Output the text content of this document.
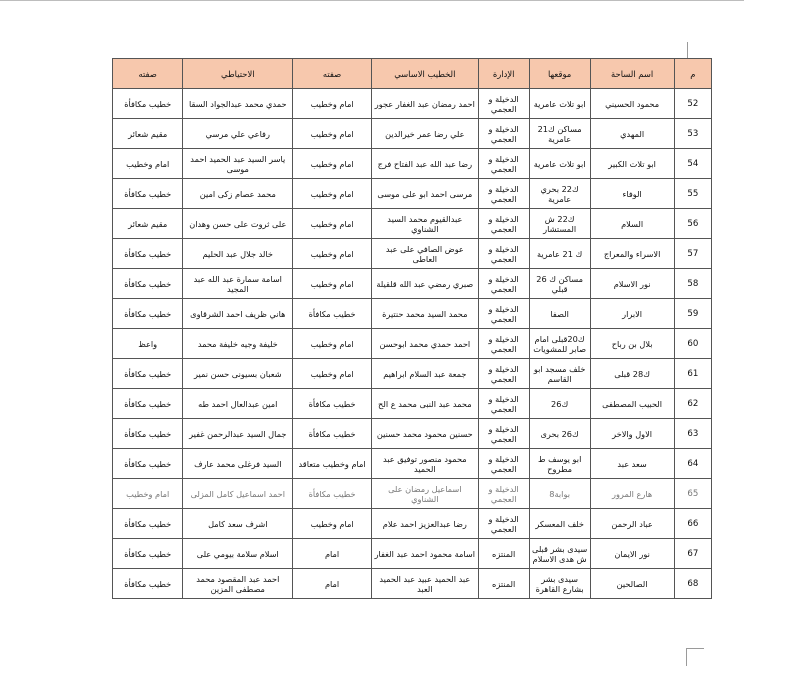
م	اسم الساحة	موقعها	الإدارة	الخطيب الاساسي	صفته	الاحتياطي	صفته
52	محمود الحسيني	ابو تلات عامرية	الدخيلة و العجمي	احمد رمضان عبد الغفار عجور	امام وخطيب	حمدي محمد عبدالجواد السقا	خطيب مكافأة
53	المهدي	مساكن ك21 عامرية	الدخيلة و العجمي	علي رضا عمر خيرالدين	امام وخطيب	رفاعي علي مرسي	مقيم شعائر
54	ابو تلات الكبير	ابو تلات عامرية	الدخيلة و العجمي	رضا عبد الله عبد الفتاح فرج	امام وخطيب	ياسر السيد عبد الحميد احمد موسى	امام وخطيب
55	الوفاء	ك22 بحري عامرية	الدخيلة و العجمي	مرسى احمد ابو على موسى	امام وخطيب	محمد عصام زكى امين	خطيب مكافأة
56	السلام	ك22 ش المستشار	الدخيلة و العجمي	عبدالقيوم محمد السيد الشناوي	امام وخطيب	على ثروت على حسن وهدان	مقيم شعائر
57	الاسراء والمعراج	ك 21 عامرية	الدخيلة و العجمي	عوض الصافي على عبد العاطى	امام وخطيب	خالد جلال عبد الحليم	خطيب مكافأة
58	نور الاسلام	مساكن ك 26 قبلي	الدخيلة و العجمي	صبري رمضي عبد الله قلقيلة	امام وخطيب	اسامة سمارة عبد الله عبد المجيد	خطيب مكافأة
59	الابرار	الصفا	الدخيلة و العجمي	محمد السيد محمد حنتيرة	خطيب مكافأة	هاني ظريف احمد الشرقاوى	خطيب مكافأة
60	بلال بن رباح	ك20قبلى امام صابر للمشويات	الدخيلة و العجمي	احمد حمدي محمد ابوحسن	امام وخطيب	خليفة وجيه خليفة محمد	واعظ
61	ك28 قبلى	خلف مسجد ابو القاسم	الدخيلة و العجمي	جمعة عبد السلام ابراهيم	امام وخطيب	شعبان بسيونى حسن نمير	خطيب مكافأة
62	الحبيب المصطفى	ك26	الدخيلة و العجمي	محمد عبد النبى محمد ع الح	خطيب مكافأة	امين عبدالعال احمد طه	خطيب مكافأة
63	الاول والاخر	ك26 بحرى	الدخيلة و العجمي	حسنين محمود محمد حسنين	خطيب مكافأة	جمال السيد عبدالرحمن غفير	خطيب مكافأة
64	سعد عبد	ابو يوسف ط مطروح	الدخيلة و العجمي	محمود منصور توفيق عبد الحميد	امام وخطيب متعاقد	السيد فرغلى محمد عارف	خطيب مكافأة
65	هارع المرور	بوابة8	الدخيلة و العجمي	اسماعيل رمضان على الشناوي	خطيب مكافأة	احمد اسماعيل كامل المزلى	امام وخطيب
66	عباد الرحمن	خلف المعسكر	الدخيلة و العجمي	رضا عبدالعزيز احمد علام	امام وخطيب	اشرف سعد كامل	خطيب مكافأة
67	نور الايمان	سيدى بشر قبلى ش هدى الاسلام	المنتزه	اسامة محمود احمد عبد الغفار	امام	اسلام سلامة بيومي على	خطيب مكافأة
68	الصالحين	سيدى بشر بشارع القاهرة	المنتزه	عبد الحميد عبيد عبد الحميد العبد	امام	احمد عبد المقصود محمد مصطفى المزين	خطيب مكافأة
